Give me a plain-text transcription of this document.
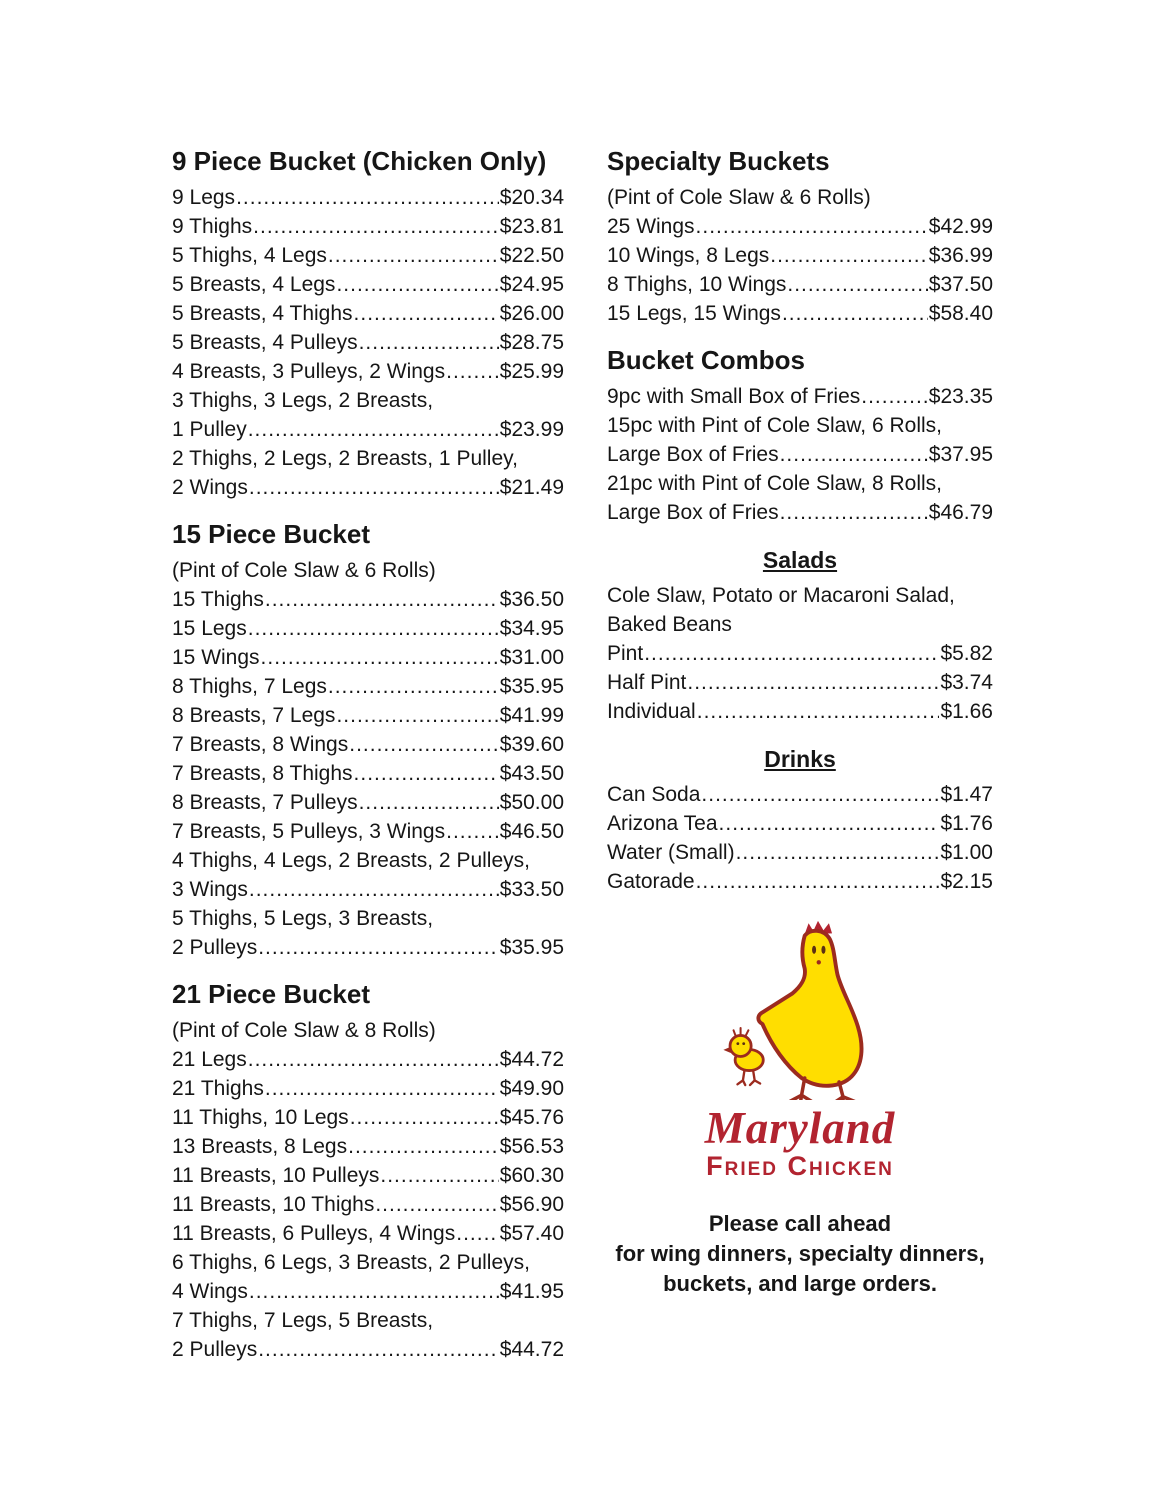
9 Piece Bucket (Chicken Only)
9 Legs .....	$20.34
9 Thighs .....	$23.81
5 Thighs, 4 Legs .....	$22.50
5 Breasts, 4 Legs .....	$24.95
5 Breasts, 4 Thighs .....	$26.00
5 Breasts, 4 Pulleys .....	$28.75
4 Breasts, 3 Pulleys, 2 Wings .....	$25.99
3 Thighs, 3 Legs, 2 Breasts,
1 Pulley .....	$23.99
2 Thighs, 2 Legs, 2 Breasts, 1 Pulley,
2 Wings .....	$21.49
15 Piece Bucket
(Pint of Cole Slaw & 6 Rolls)
15 Thighs .....	$36.50
15 Legs .....	$34.95
15 Wings .....	$31.00
8 Thighs, 7 Legs .....	$35.95
8 Breasts, 7 Legs .....	$41.99
7 Breasts, 8 Wings .....	$39.60
7 Breasts, 8 Thighs .....	$43.50
8 Breasts, 7 Pulleys .....	$50.00
7 Breasts, 5 Pulleys, 3 Wings .....	$46.50
4 Thighs, 4 Legs, 2 Breasts, 2 Pulleys,
3 Wings .....	$33.50
5 Thighs, 5 Legs, 3 Breasts,
2 Pulleys .....	$35.95
21 Piece Bucket
(Pint of Cole Slaw & 8 Rolls)
21 Legs .....	$44.72
21 Thighs .....	$49.90
11 Thighs, 10 Legs .....	$45.76
13 Breasts, 8 Legs .....	$56.53
11 Breasts, 10 Pulleys .....	$60.30
11 Breasts, 10 Thighs .....	$56.90
11 Breasts, 6 Pulleys, 4 Wings ..... $57.40
6 Thighs, 6 Legs, 3 Breasts, 2 Pulleys,
4 Wings .....	$41.95
7 Thighs, 7 Legs, 5 Breasts,
2 Pulleys .....	$44.72
Specialty Buckets
(Pint of Cole Slaw & 6 Rolls)
25 Wings .....	$42.99
10 Wings, 8 Legs .....	$36.99
8 Thighs, 10 Wings .....	$37.50
15 Legs, 15 Wings .....	$58.40
Bucket Combos
9pc with Small Box of Fries .....	$23.35
15pc with Pint of Cole Slaw, 6 Rolls,
Large Box of Fries .....	$37.95
21pc with Pint of Cole Slaw, 8 Rolls,
Large Box of Fries .....	$46.79
Salads
Cole Slaw, Potato or Macaroni Salad,
Baked Beans
Pint .....	$5.82
Half Pint .....	$3.74
Individual .....	$1.66
Drinks
Can Soda .....	$1.47
Arizona Tea .....	$1.76
Water (Small) .....	$1.00
Gatorade .....	$2.15
Maryland
Fried Chicken
Please call ahead
for wing dinners, specialty dinners,
buckets, and large orders.
